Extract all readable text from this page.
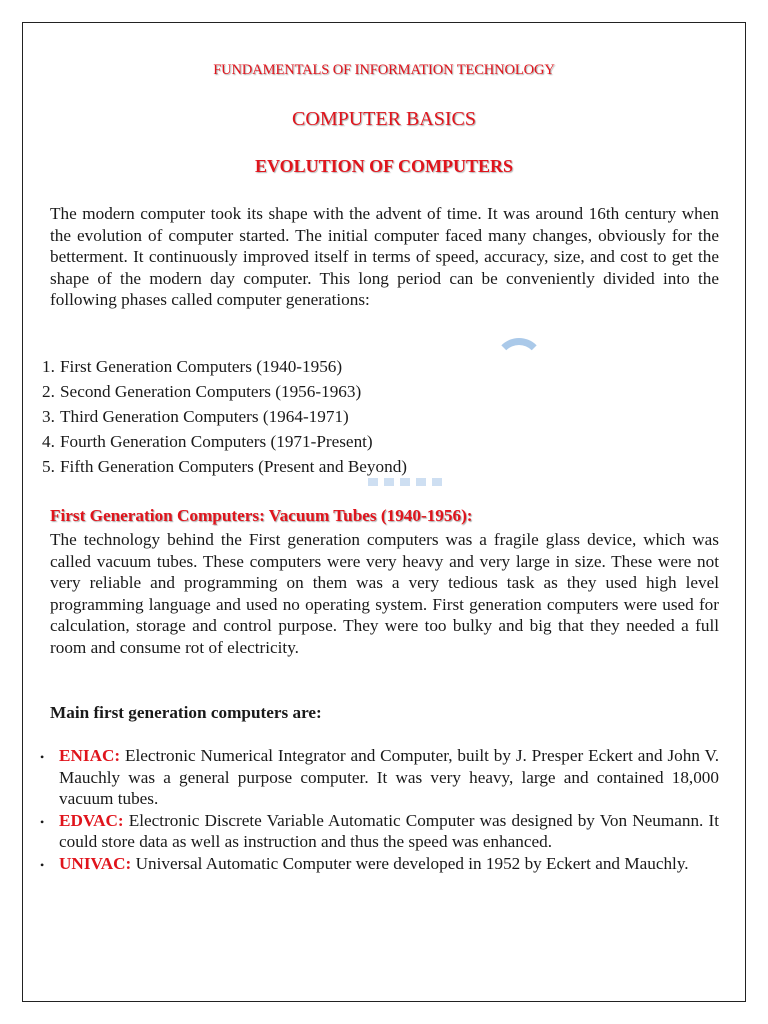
FUNDAMENTALS OF INFORMATION TECHNOLOGY
COMPUTER BASICS
EVOLUTION OF COMPUTERS
The modern computer took its shape with the advent of time. It was around 16th century when the evolution of computer started. The initial computer faced many changes, obviously for the betterment. It continuously improved itself in terms of speed, accuracy, size, and cost to get the shape of the modern day computer. This long period can be conveniently divided into the following phases called computer generations:
1. First Generation Computers (1940-1956)
2. Second Generation Computers (1956-1963)
3. Third Generation Computers (1964-1971)
4. Fourth Generation Computers (1971-Present)
5. Fifth Generation Computers (Present and Beyond)
First Generation Computers: Vacuum Tubes (1940-1956):
The technology behind the First generation computers was a fragile glass device, which was called vacuum tubes. These computers were very heavy and very large in size. These were not very reliable and programming on them was a very tedious task as they used high level programming language and used no operating system. First generation computers were used for calculation, storage and control purpose. They were too bulky and big that they needed a full room and consume rot of electricity.
Main first generation computers are:
• ENIAC: Electronic Numerical Integrator and Computer, built by J. Presper Eckert and John V. Mauchly was a general purpose computer. It was very heavy, large and contained 18,000 vacuum tubes.
• EDVAC: Electronic Discrete Variable Automatic Computer was designed by Von Neumann. It could store data as well as instruction and thus the speed was enhanced.
• UNIVAC: Universal Automatic Computer were developed in 1952 by Eckert and Mauchly.
